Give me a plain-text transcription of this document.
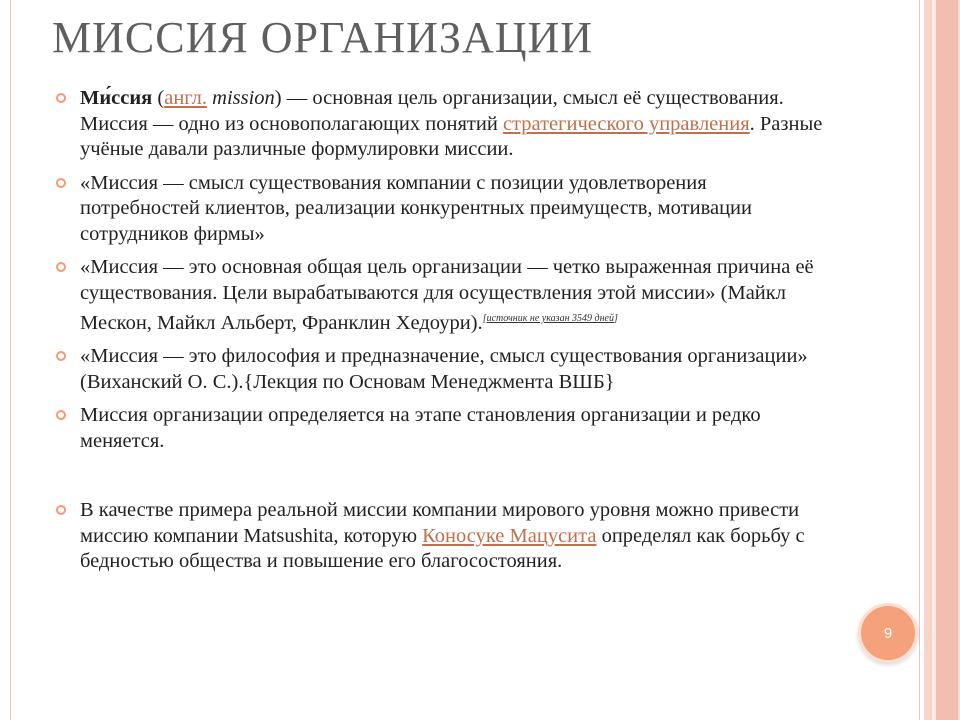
МИССИЯ ОРГАНИЗАЦИИ
Ми́ссия (англ. mission) — основная цель организации, смысл её существования. Миссия — одно из основополагающих понятий стратегического управления. Разные учёные давали различные формулировки миссии.
«Миссия — смысл существования компании с позиции удовлетворения потребностей клиентов, реализации конкурентных преимуществ, мотивации сотрудников фирмы»
«Миссия — это основная общая цель организации — четко выраженная причина её существования. Цели вырабатываются для осуществления этой миссии» (Майкл Мескон, Майкл Альберт, Франклин Хедоури).[источник не указан 3549 дней]
«Миссия — это философия и предназначение, смысл существования организации» (Виханский О. С.).{Лекция по Основам Менеджмента ВШБ}
Миссия организации определяется на этапе становления организации и редко меняется.
В качестве примера реальной миссии компании мирового уровня можно привести миссию компании Matsushita, которую Коносуке Мацусита определял как борьбу с бедностью общества и повышение его благосостояния.
9
